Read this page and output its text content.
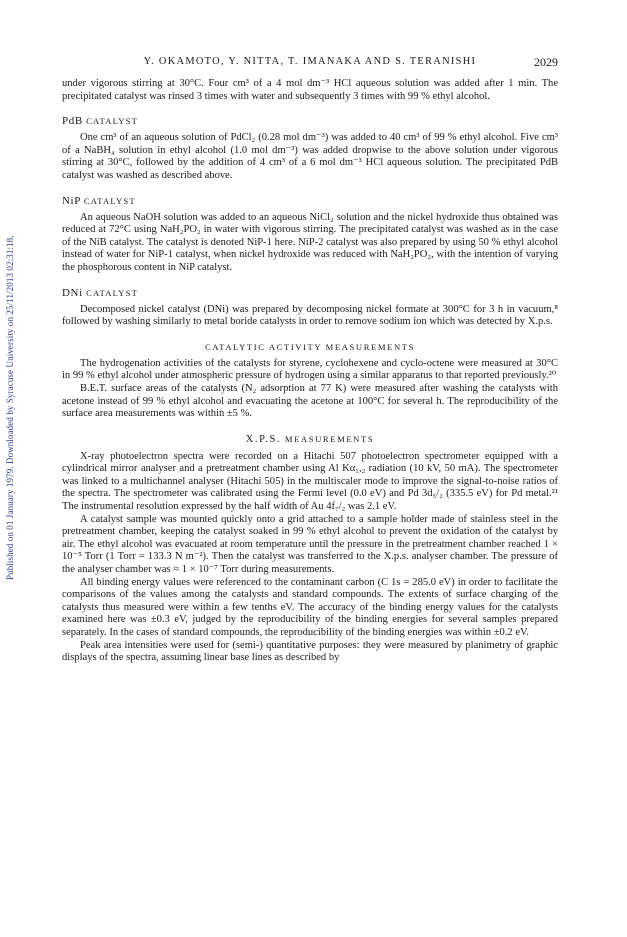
Published on 01 January 1979. Downloaded by Syracuse University on 25/11/2013 02:31:18.
Y. OKAMOTO, Y. NITTA, T. IMANAKA AND S. TERANISHI	2029

under vigorous stirring at 30°C. Four cm³ of a 4 mol dm⁻³ HCl aqueous solution was added after 1 min. The precipitated catalyst was rinsed 3 times with water and subsequently 3 times with 99 % ethyl alcohol.

PdB CATALYST

One cm³ of an aqueous solution of PdCl₂ (0.28 mol dm⁻³) was added to 40 cm³ of 99 % ethyl alcohol. Five cm³ of a NaBH₄ solution in ethyl alcohol (1.0 mol dm⁻³) was added dropwise to the above solution under vigorous stirring at 30°C, followed by the addition of 4 cm³ of a 6 mol dm⁻³ HCl aqueous solution. The precipitated PdB catalyst was washed as described above.

NiP CATALYST

An aqueous NaOH solution was added to an aqueous NiCl₂ solution and the nickel hydroxide thus obtained was reduced at 72°C using NaH₂PO₂ in water with vigorous stirring. The precipitated catalyst was washed as in the case of the NiB catalyst. The catalyst is denoted NiP-1 here. NiP-2 catalyst was also prepared by using 50 % ethyl alcohol instead of water for NiP-1 catalyst, when nickel hydroxide was reduced with NaH₂PO₂, with the intention of varying the phosphorous content in NiP catalyst.

DNi CATALYST

Decomposed nickel catalyst (DNi) was prepared by decomposing nickel formate at 300°C for 3 h in vacuum,⁸ followed by washing similarly to metal boride catalysts in order to remove sodium ion which was detected by X.p.s.

CATALYTIC ACTIVITY MEASUREMENTS

The hydrogenation activities of the catalysts for styrene, cyclohexene and cyclo-octene were measured at 30°C in 99 % ethyl alcohol under atmospheric pressure of hydrogen using a similar apparatus to that reported previously.²⁰

B.E.T. surface areas of the catalysts (N₂ adsorption at 77 K) were measured after washing the catalysts with acetone instead of 99 % ethyl alcohol and evacuating the acetone at 100°C for several h. The reproducibility of the surface area measurements was within ±5 %.

X.P.S. MEASUREMENTS

X-ray photoelectron spectra were recorded on a Hitachi 507 photoelectron spectrometer equipped with a cylindrical mirror analyser and a pretreatment chamber using Al Kα₁,₂ radiation (10 kV, 50 mA). The spectrometer was linked to a multichannel analyser (Hitachi 505) in the multiscaler mode to improve the signal-to-noise ratios of the spectra. The spectrometer was calibrated using the Fermi level (0.0 eV) and Pd 3d₅/₂ (335.5 eV) for Pd metal.²¹ The instrumental resolution expressed by the half width of Au 4f₇/₂ was 2.1 eV.

A catalyst sample was mounted quickly onto a grid attached to a sample holder made of stainless steel in the pretreatment chamber, keeping the catalyst soaked in 99 % ethyl alcohol to prevent the oxidation of the catalyst by air. The ethyl alcohol was evacuated at room temperature until the pressure in the pretreatment chamber reached 1 × 10⁻⁵ Torr (1 Torr = 133.3 N m⁻²). Then the catalyst was transferred to the X.p.s. analyser chamber. The pressure of the analyser chamber was ≈ 1 × 10⁻⁷ Torr during measurements.

All binding energy values were referenced to the contaminant carbon (C 1s = 285.0 eV) in order to facilitate the comparisons of the values among the catalysts and standard compounds. The extents of surface charging of the catalysts thus measured were within a few tenths eV. The accuracy of the binding energy values for the catalysts examined here was ±0.3 eV, judged by the reproducibility of the binding energies for several samples prepared separately. In the cases of standard compounds, the reproducibility of the binding energies was within ±0.2 eV.

Peak area intensities were used for (semi-) quantitative purposes: they were measured by planimetry of graphic displays of the spectra, assuming linear base lines as described by
